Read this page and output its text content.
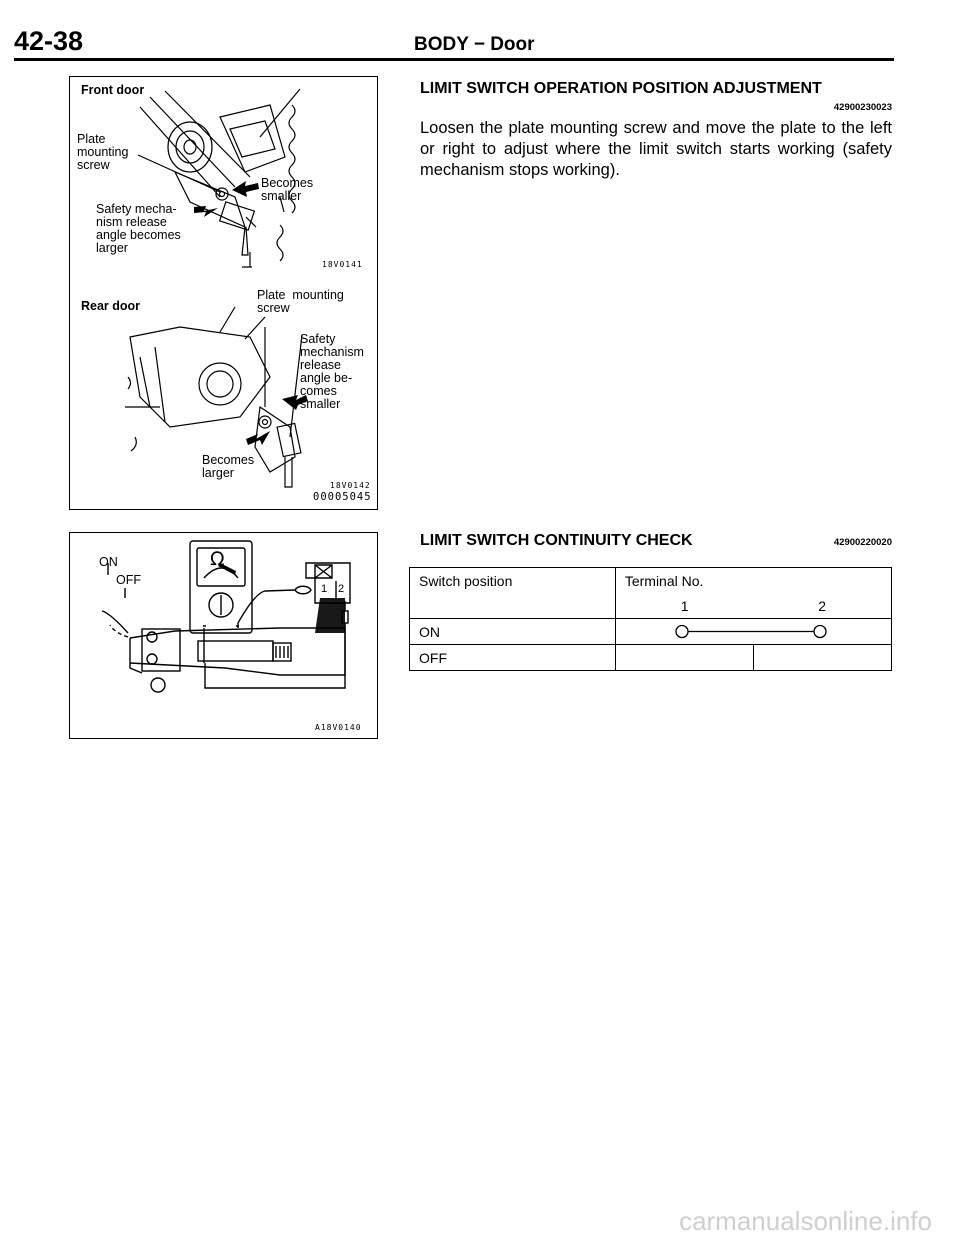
42-38	BODY − Door
Front door
Plate
mounting
screw
Becomes
smaller
Safety mecha-
nism release
angle becomes
larger
18V0141
Rear door
Plate  mounting
screw
Safety
mechanism
release
angle be-
comes
smaller
Becomes
larger
18V0142
00005045
LIMIT SWITCH OPERATION POSITION ADJUSTMENT
42900230023
Loosen the plate mounting screw and move the plate to the left or right to adjust where the limit switch starts working (safety mechanism stops working).
ON
OFF
Ω
1 2
A18V0140
LIMIT SWITCH CONTINUITY CHECK	42900220020
Switch position	Terminal No.	
	1	2
ON	

OFF		
carmanualsonline.info
